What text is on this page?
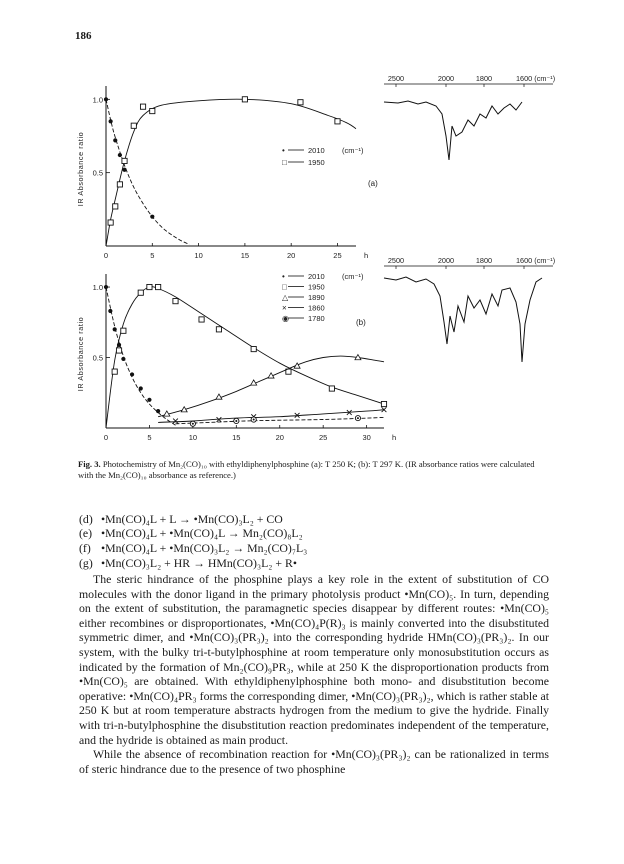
186
0	5	10	15	20	25	h
0.5
1.0
IR Absorbance ratio	•	2010
□	1950
(cm⁻¹)
(a)
0	5	10	15	20	25	30	h
0.5
1.0
IR Absorbance ratio
•	2010
□	1950
△	1890
×	1860
◉	1780
(cm⁻¹)
(b)
2500	2000	1800	1600 (cm⁻¹)
2500	2000	1800	1600 (cm⁻¹)
Fig. 3. Photochemistry of Mn₂(CO)₁₀ with ethyldiphenylphosphine (a): T 250 K; (b): T 297 K. (IR absorbance ratios were calculated with the Mn₂(CO)₁₀ absorbance as reference.)
(d) •Mn(CO)₄L + L → •Mn(CO)₃L₂ + CO
(e) •Mn(CO)₄L + •Mn(CO)₄L → Mn₂(CO)₈L₂
(f) •Mn(CO)₄L + •Mn(CO)₃L₂ → Mn₂(CO)₇L₃
(g) •Mn(CO)₃L₂ + HR → HMn(CO)₃L₂ + R•

The steric hindrance of the phosphine plays a key role in the extent of substitution of CO molecules with the donor ligand in the primary photolysis product •Mn(CO)₅. In turn, depending on the extent of substitution, the paramagnetic species disappear by different routes: •Mn(CO)₅ either recombines or disproportionates, •Mn(CO)₄P(R)₃ is mainly converted into the disubstituted symmetric dimer, and •Mn(CO)₃(PR₃)₂ into the corresponding hydride HMn(CO)₃(PR₃)₂. In our system, with the bulky tri-t-butylphosphine at room temperature only monosubstitution occurs as indicated by the formation of Mn₂(CO)₉PR₃, while at 250 K the disproportionation products from •Mn(CO)₅ are obtained. With ethyldiphenylphosphine both mono- and disubstitution become operative: •Mn(CO)₄PR₃ forms the corresponding dimer, •Mn(CO)₃(PR₃)₂, which is rather stable at 250 K but at room temperature abstracts hydrogen from the medium to give the hydride. Finally with tri-n-butylphosphine the disubstitution reaction predominates independent of the temperature, and the hydride is obtained as main product.

While the absence of recombination reaction for •Mn(CO)₃(PR₃)₂ can be rationalized in terms of steric hindrance due to the presence of two phosphine
